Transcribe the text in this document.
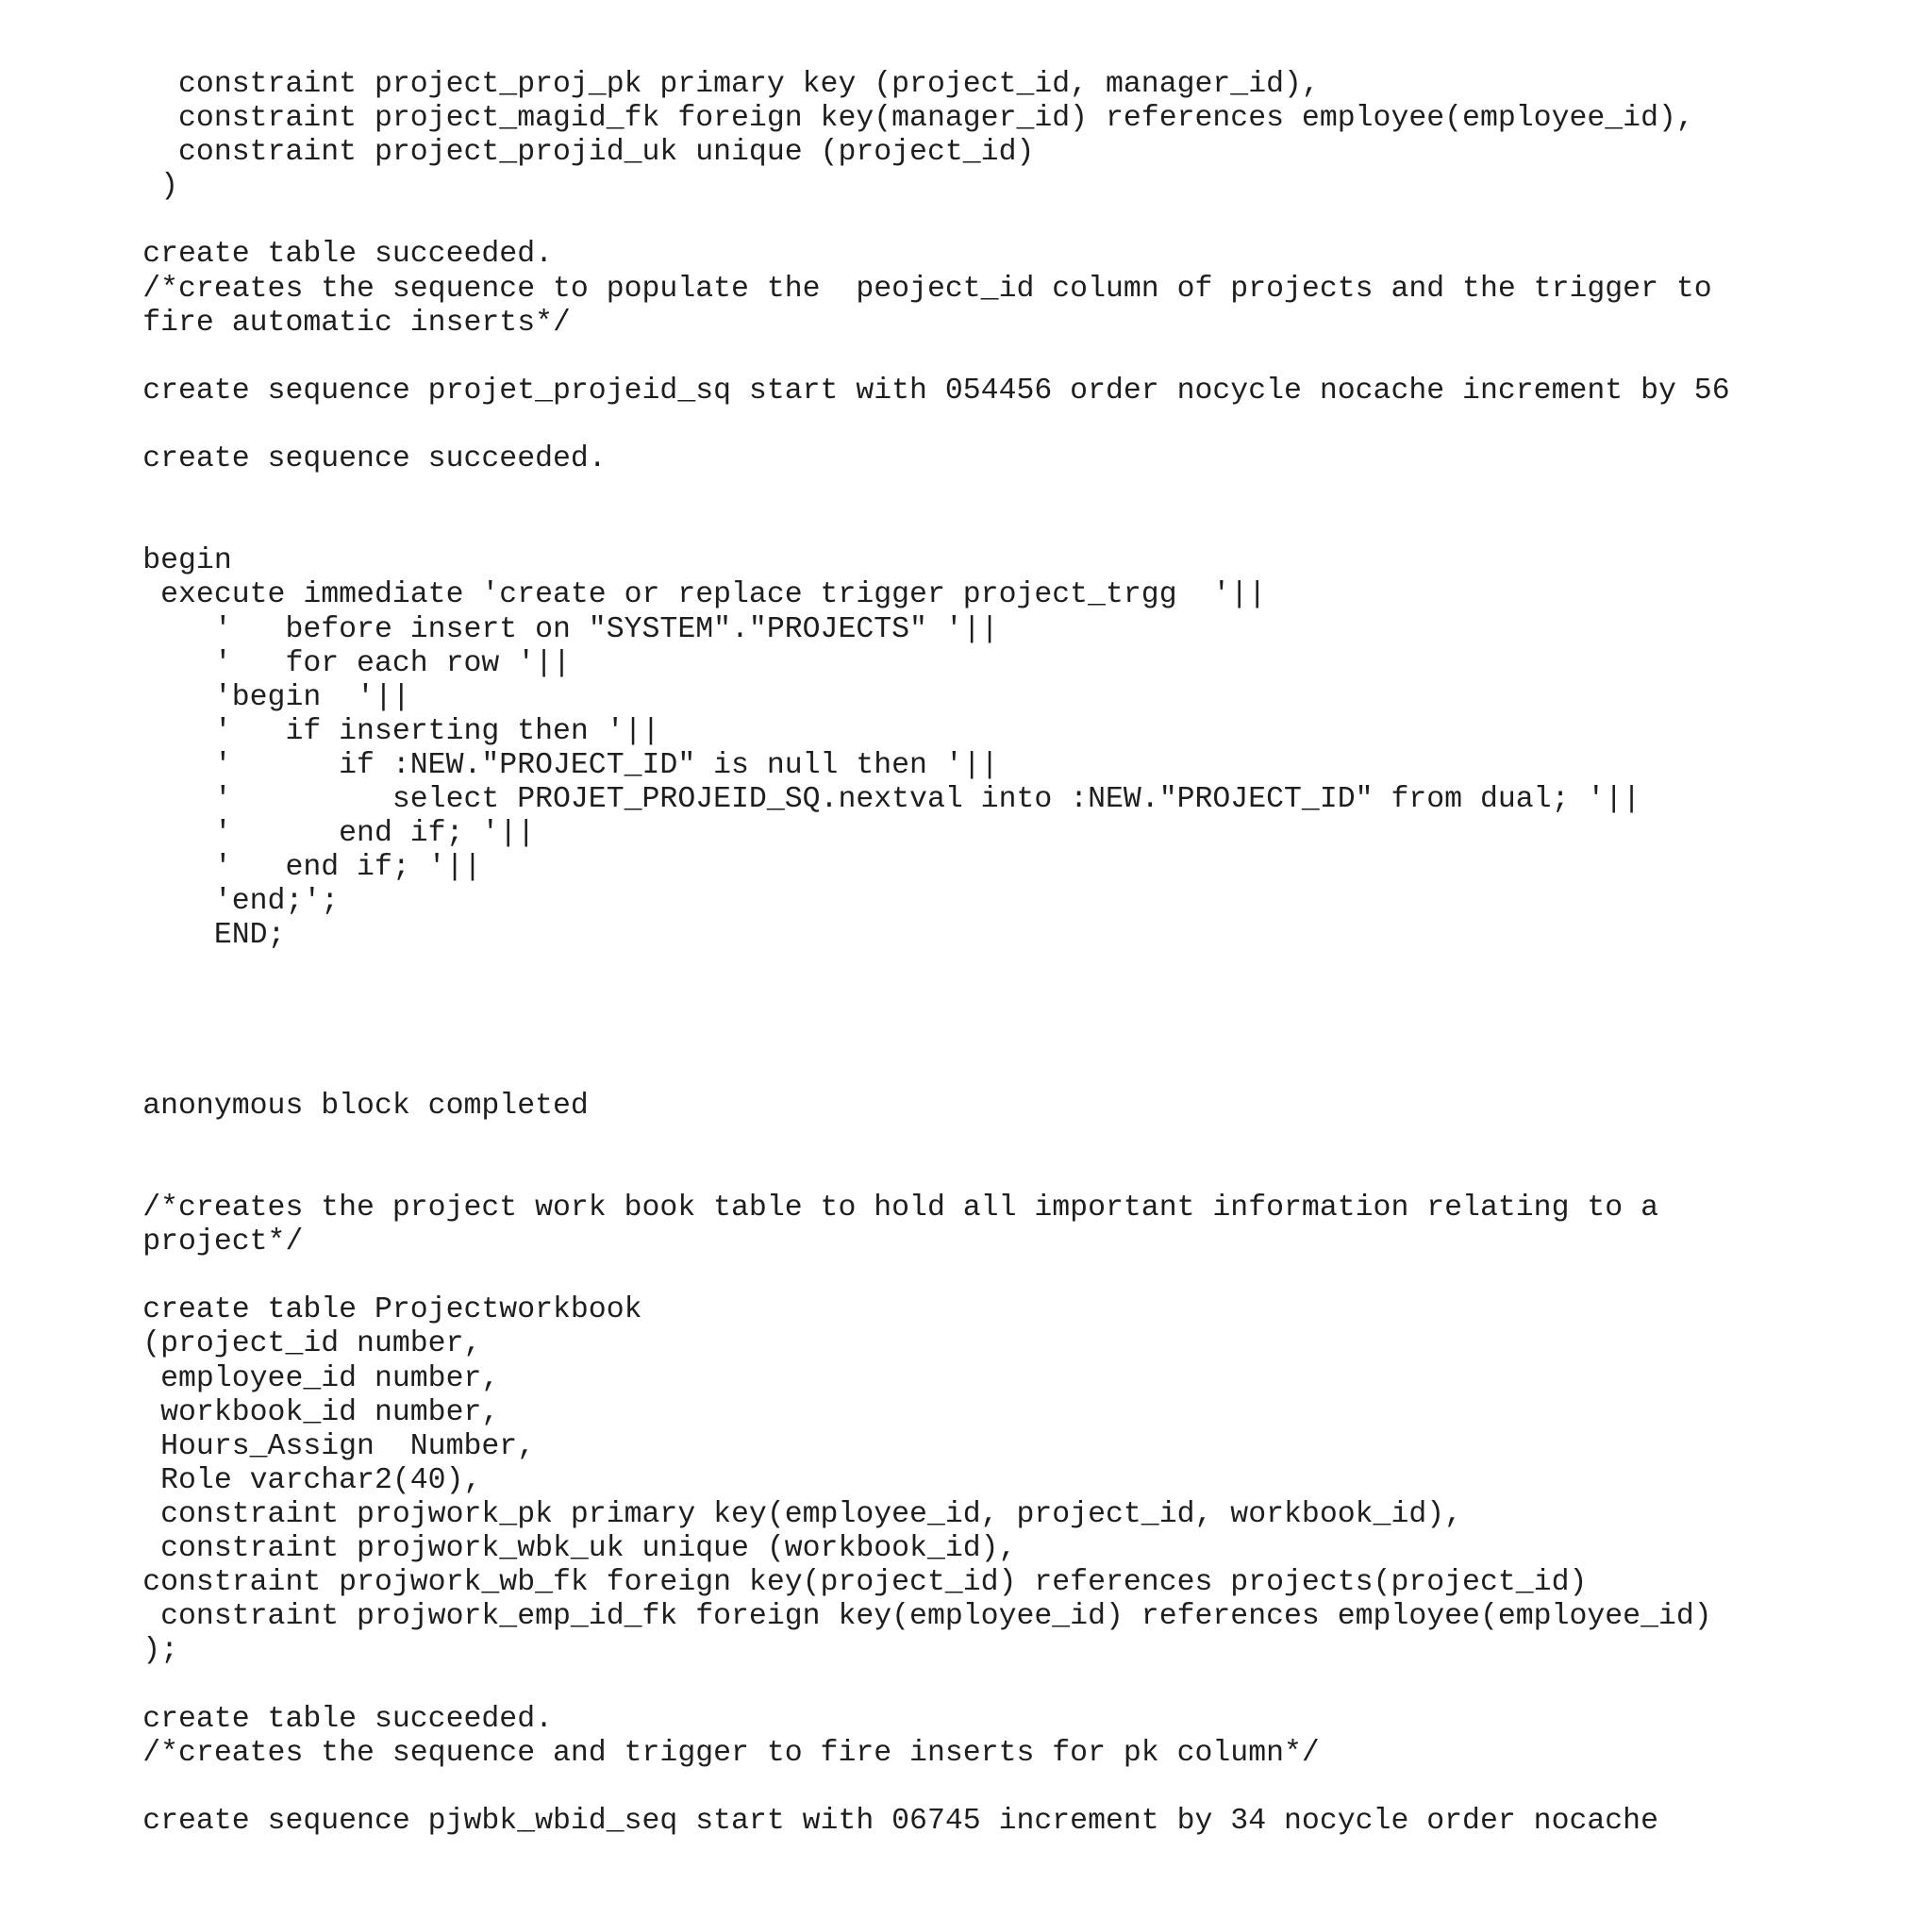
constraint project_proj_pk primary key (project_id, manager_id),
constraint project_magid_fk foreign key(manager_id) references employee(employee_id),
constraint project_projid_uk unique (project_id)
)
create table succeeded.
/*creates the sequence to populate the  peoject_id column of projects and the trigger to
fire automatic inserts*/
create sequence projet_projeid_sq start with 054456 order nocycle nocache increment by 56
create sequence succeeded.
begin
execute immediate 'create or replace trigger project_trgg  '||
'   before insert on "SYSTEM"."PROJECTS" '||
'   for each row '||
'begin  '||
'   if inserting then '||
'      if :NEW."PROJECT_ID" is null then '||
'         select PROJET_PROJEID_SQ.nextval into :NEW."PROJECT_ID" from dual; '||
'      end if; '||
'   end if; '||
'end;';
END;
anonymous block completed
/*creates the project work book table to hold all important information relating to a
project*/
create table Projectworkbook
(project_id number,
employee_id number,
workbook_id number,
Hours_Assign  Number,
Role varchar2(40),
constraint projwork_pk primary key(employee_id, project_id, workbook_id),
constraint projwork_wbk_uk unique (workbook_id),
constraint projwork_wb_fk foreign key(project_id) references projects(project_id)
constraint projwork_emp_id_fk foreign key(employee_id) references employee(employee_id)
);
create table succeeded.
/*creates the sequence and trigger to fire inserts for pk column*/
create sequence pjwbk_wbid_seq start with 06745 increment by 34 nocycle order nocache
